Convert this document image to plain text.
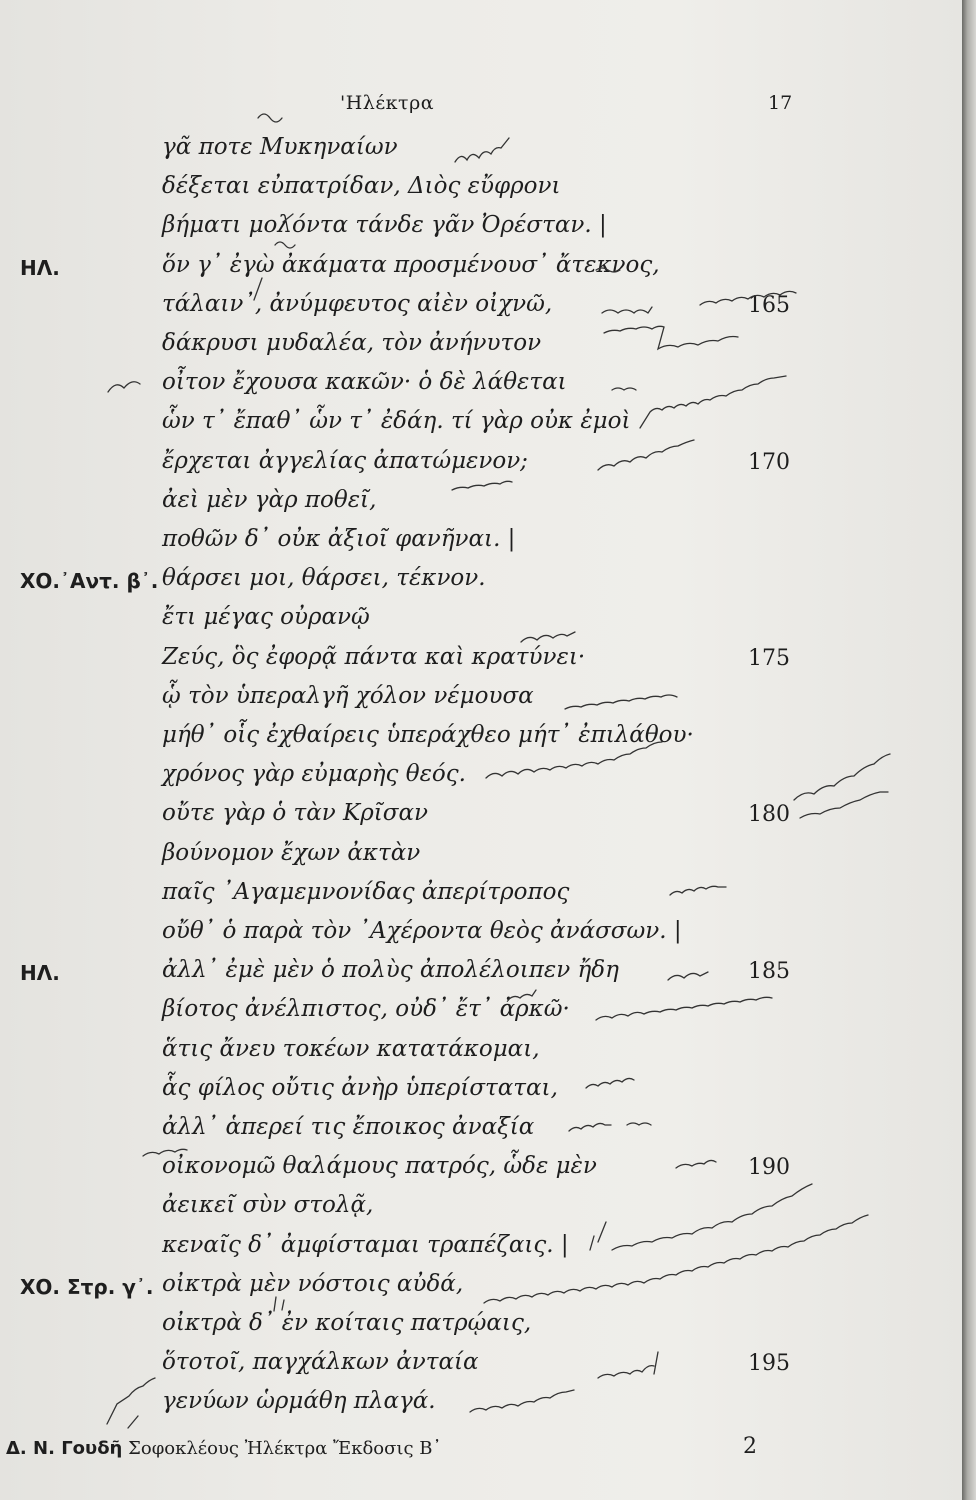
'Ηλέκτρα	17
γᾶ ποτε Μυκηναίων
δέξεται εὐπατρίδαν, Διὸς εὔφρονι
βήματι μολόντα τάνδε γᾶν Ὀρέσταν. |
ΗΛ.	ὅν γ᾽ ἐγὼ ἀκάματα προσμένουσ᾽ ἄτεκνος,
τάλαιν᾽, ἀνύμφευτος αἰὲν οἰχνῶ,	165
δάκρυσι μυδαλέα, τὸν ἀνήνυτον
οἶτον ἔχουσα κακῶν· ὁ δὲ λάθεται
ὧν τ᾽ ἔπαθ᾽ ὧν τ᾽ ἐδάη. τί γὰρ οὐκ ἐμοὶ
ἔρχεται ἀγγελίας ἀπατώμενον;	170
ἀεὶ μὲν γὰρ ποθεῖ,
ποθῶν δ᾽ οὐκ ἀξιοῖ φανῆναι. |
ΧΟ.᾽Αντ. β᾽. θάρσει μοι, θάρσει, τέκνον.
ἔτι μέγας οὐρανῷ
Ζεύς, ὃς ἐφορᾷ πάντα καὶ κρατύνει·	175
ᾧ τὸν ὑπεραλγῆ χόλον νέμουσα
μήθ᾽ οἷς ἐχθαίρεις ὑπεράχθεο μήτ᾽ ἐπιλάθου·
χρόνος γὰρ εὐμαρὴς θεός.
οὔτε γὰρ ὁ τὰν Κρῖσαν	180
βούνομον ἔχων ἀκτὰν
παῖς ᾽Αγαμεμνονίδας ἀπερίτροπος
οὔθ᾽ ὁ παρὰ τὸν ᾽Αχέροντα θεὸς ἀνάσσων. |
ΗΛ.	ἀλλ᾽ ἐμὲ μὲν ὁ πολὺς ἀπολέλοιπεν ἤδη	185
βίοτος ἀνέλπιστος, οὐδ᾽ ἔτ᾽ ἀρκῶ·
ἅτις ἄνευ τοκέων κατατάκομαι,
ἇς φίλος οὔτις ἀνὴρ ὑπερίσταται,
ἀλλ᾽ ἁπερεί τις ἔποικος ἀναξία
οἰκονομῶ θαλάμους πατρός, ὧδε μὲν	190
ἀεικεῖ σὺν στολᾷ,
κεναῖς δ᾽ ἀμφίσταμαι τραπέζαις. |
ΧΟ. Στρ. γ᾽. οἰκτρὰ μὲν νόστοις αὐδά,
οἰκτρὰ δ᾽ ἐν κοίταις πατρῴαις,
ὅτοτοῖ, παγχάλκων ἀνταία	195
γενύων ὡρμάθη πλαγά.
Δ. Ν. Γουδῆ Σοφοκλέους Ἠλέκτρα Ἔκδοσις Β᾽	2
